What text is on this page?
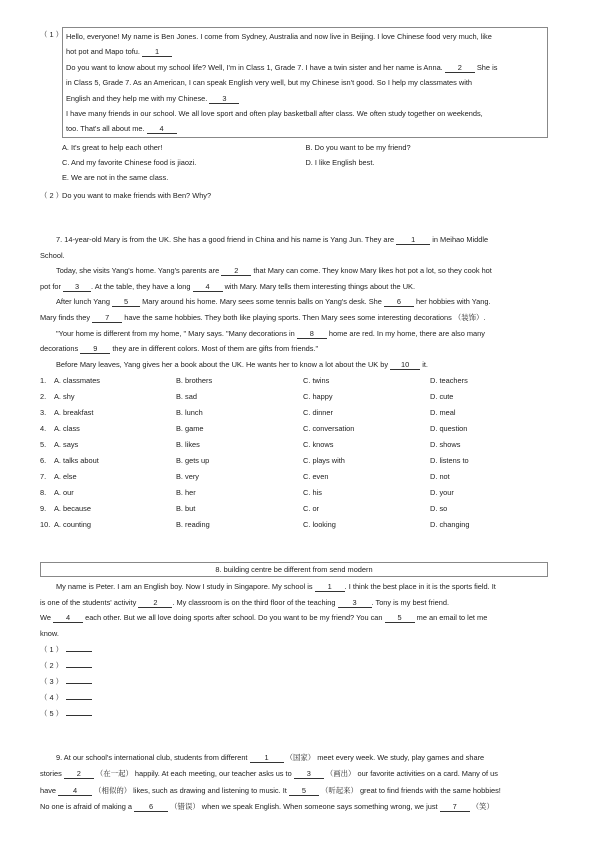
（ 1 ） Hello, everyone! My name is Ben Jones. I come from Sydney, Australia and now live in Beijing. I love Chinese food very much, like
hot pot and Mapo tofu. 1
Do you want to know about my school life? Well, I'm in Class 1, Grade 7. I have a twin sister and her name is Anna. 2 She is
in Class 5, Grade 7. As an American, I can speak English very well, but my Chinese isn't good. So I help my classmates with
English and they help me with my Chinese. 3
I have many friends in our school. We all love sport and often play basketball after class. We often study together on weekends,
too. That's all about me. 4
A. It's great to help each other!	B. Do you want to be my friend?
C. And my favorite Chinese food is jiaozi.	D. I like English best.
E. We are not in the same class.
（ 2 ）Do you want to make friends with Ben? Why?
7. 14-year-old Mary is from the UK. She has a good friend in China and his name is Yang Jun. They are 1 in Meihao Middle
School.
Today, she visits Yang's home. Yang's parents are 2 that Mary can come. They know Mary likes hot pot a lot, so they cook hot
pot for 3 . At the table, they have a long 4 with Mary. Mary tells them interesting things about the UK.
After lunch Yang 5 Mary around his home. Mary sees some tennis balls on Yang's desk. She 6 her hobbies with Yang.
Mary finds they 7 have the same hobbies. They both like playing sports. Then Mary sees some interesting decorations （装饰）.
"Your home is different from my home, " Mary says. "Many decorations in 8 home are red. In my home, there are also many
decorations 9 they are in different colors. Most of them are gifts from friends."
Before Mary leaves, Yang gives her a book about the UK. He wants her to know a lot about the UK by 10 it.
1.	A. classmates	B. brothers	C. twins	D. teachers
2.	A. shy	B. sad	C. happy	D. cute
3.	A. breakfast	B. lunch	C. dinner	D. meal
4.	A. class	B. game	C. conversation	D. question
5.	A. says	B. likes	C. knows	D. shows
6.	A. talks about	B. gets up	C. plays with	D. listens to
7.	A. else	B. very	C. even	D. not
8.	A. our	B. her	C. his	D. your
9.	A. because	B. but	C. or	D. so
10. A. counting	B. reading	C. looking	D. changing
8. building centre be different from send modern
My name is Peter. I am an English boy. Now I study in Singapore. My school is 1 . I think the best place in it is the sports field. It
is one of the students' activity 2 . My classroom is on the third floor of the teaching 3 . Tony is my best friend.
We 4 each other. But we all love doing sports after school. Do you want to be my friend? You can 5 me an email to let me
know.
（ 1 ）
（ 2 ）
（ 3 ）
（ 4 ）
（ 5 ）
9. At our school's international club, students from different 1 （国家） meet every week. We study, play games and share
stories 2 （在一起） happily. At each meeting, our teacher asks us to 3 （画出） our favorite activities on a card. Many of us
have 4 （相似的） likes, such as drawing and listening to music. It 5 （听起来） great to find friends with the same hobbies!
No one is afraid of making a 6 （错误） when we speak English. When someone says something wrong, we just 7 （笑）
